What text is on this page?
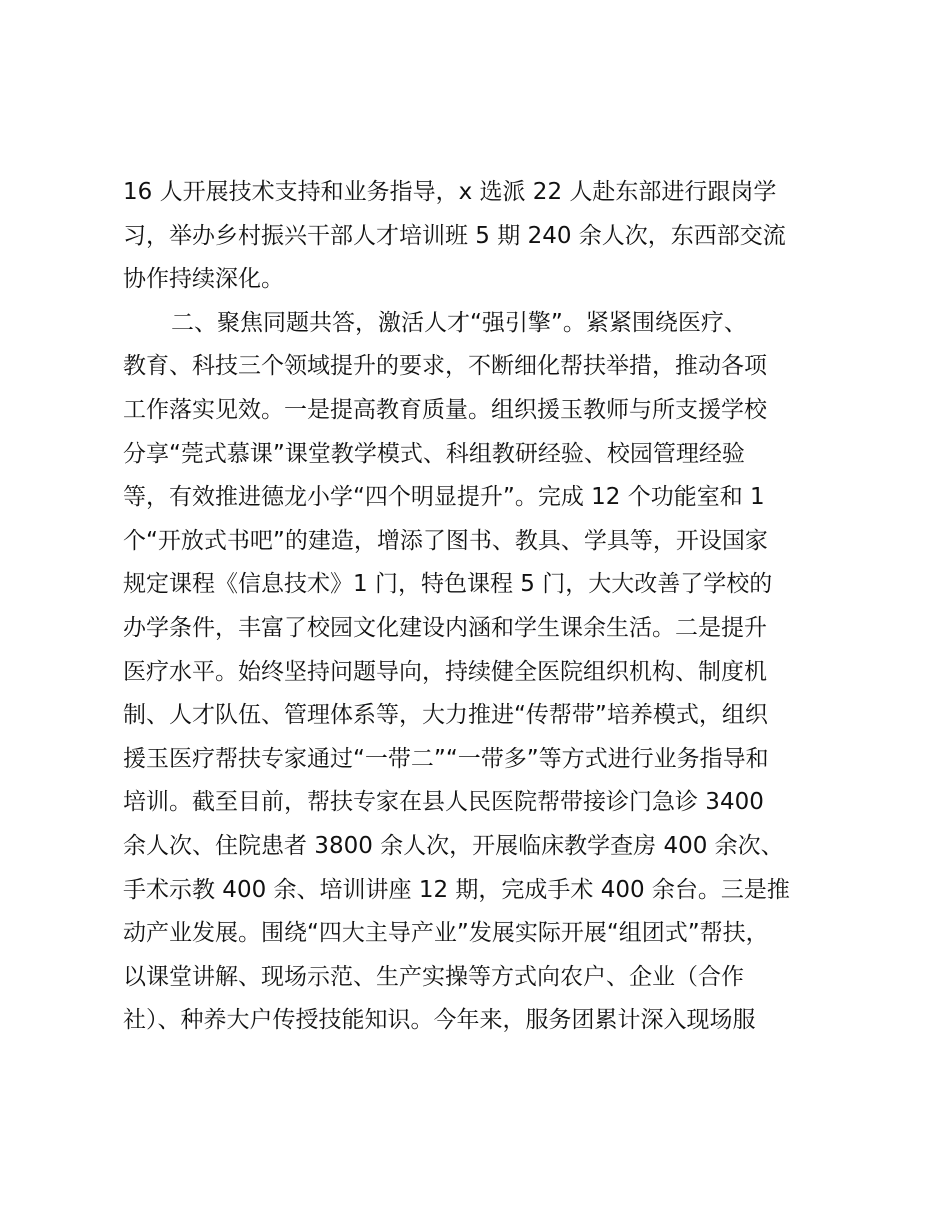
16 人开展技术支持和业务指导，x 选派 22 人赴东部进行跟岗学
习，举办乡村振兴干部人才培训班 5 期 240 余人次，东西部交流
协作持续深化。
二、聚焦同题共答，激活人才“强引擎”。紧紧围绕医疗、
教育、科技三个领域提升的要求，不断细化帮扶举措，推动各项
工作落实见效。一是提高教育质量。组织援玉教师与所支援学校
分享“莞式慕课”课堂教学模式、科组教研经验、校园管理经验
等，有效推进德龙小学“四个明显提升”。完成 12 个功能室和 1
个“开放式书吧”的建造，增添了图书、教具、学具等，开设国家
规定课程《信息技术》1 门，特色课程 5 门，大大改善了学校的
办学条件，丰富了校园文化建设内涵和学生课余生活。二是提升
医疗水平。始终坚持问题导向，持续健全医院组织机构、制度机
制、人才队伍、管理体系等，大力推进“传帮带”培养模式，组织
援玉医疗帮扶专家通过“一带二”“一带多”等方式进行业务指导和
培训。截至目前，帮扶专家在县人民医院帮带接诊门急诊 3400
余人次、住院患者 3800 余人次，开展临床教学查房 400 余次、
手术示教 400 余、培训讲座 12 期，完成手术 400 余台。三是推
动产业发展。围绕“四大主导产业”发展实际开展“组团式”帮扶，
以课堂讲解、现场示范、生产实操等方式向农户、企业（合作
社）、种养大户传授技能知识。今年来，服务团累计深入现场服
